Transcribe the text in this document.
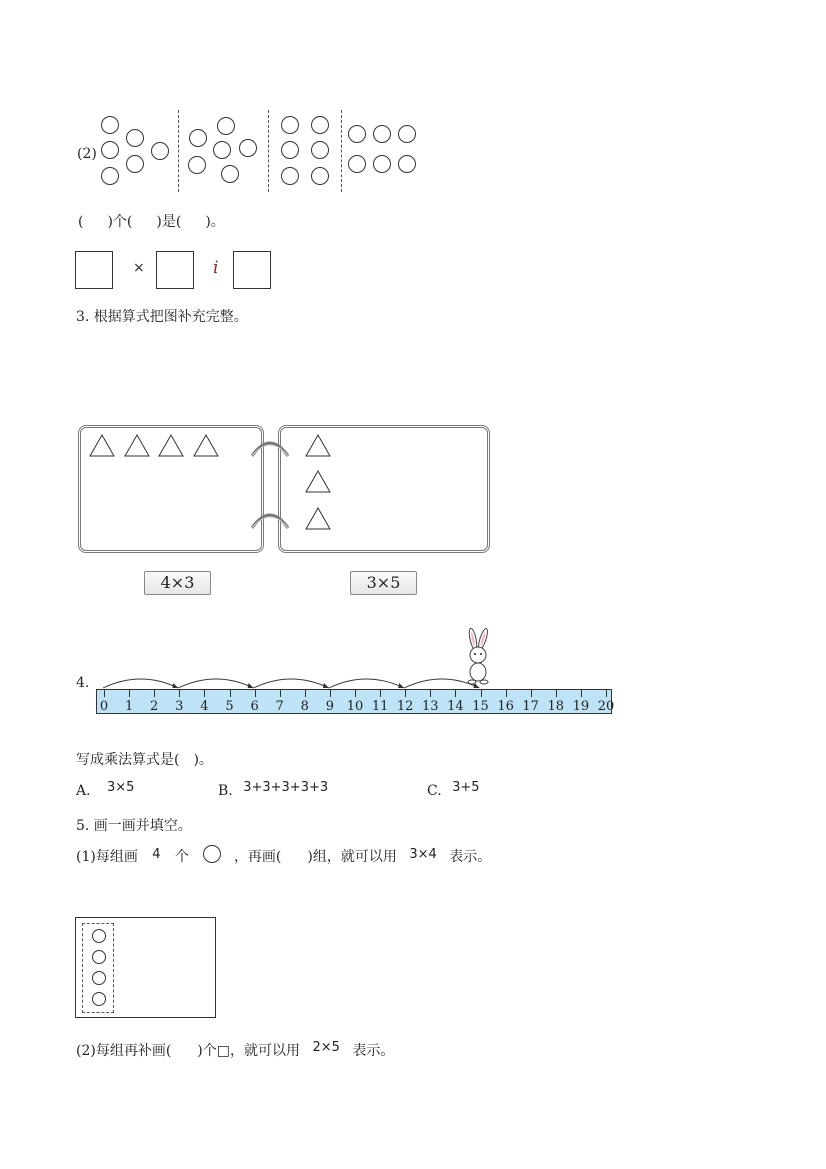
(2)
( )个( )是( )。
×	i
3. 根据算式把图补充完整。
4×3	3×5
4.
0 1 2 3 4 5 6 7 8 9 10 11 12 13 14 15 16 17 18 19 20
写成乘法算式是(　)。
A. 3×5	B. 3+3+3+3+3	C. 3+5
5. 画一画并填空。
(1)每组画 4 个	，再画( )组，就可以用 3×4 表示。
(2)每组再补画( )个□，就可以用 2×5 表示。
